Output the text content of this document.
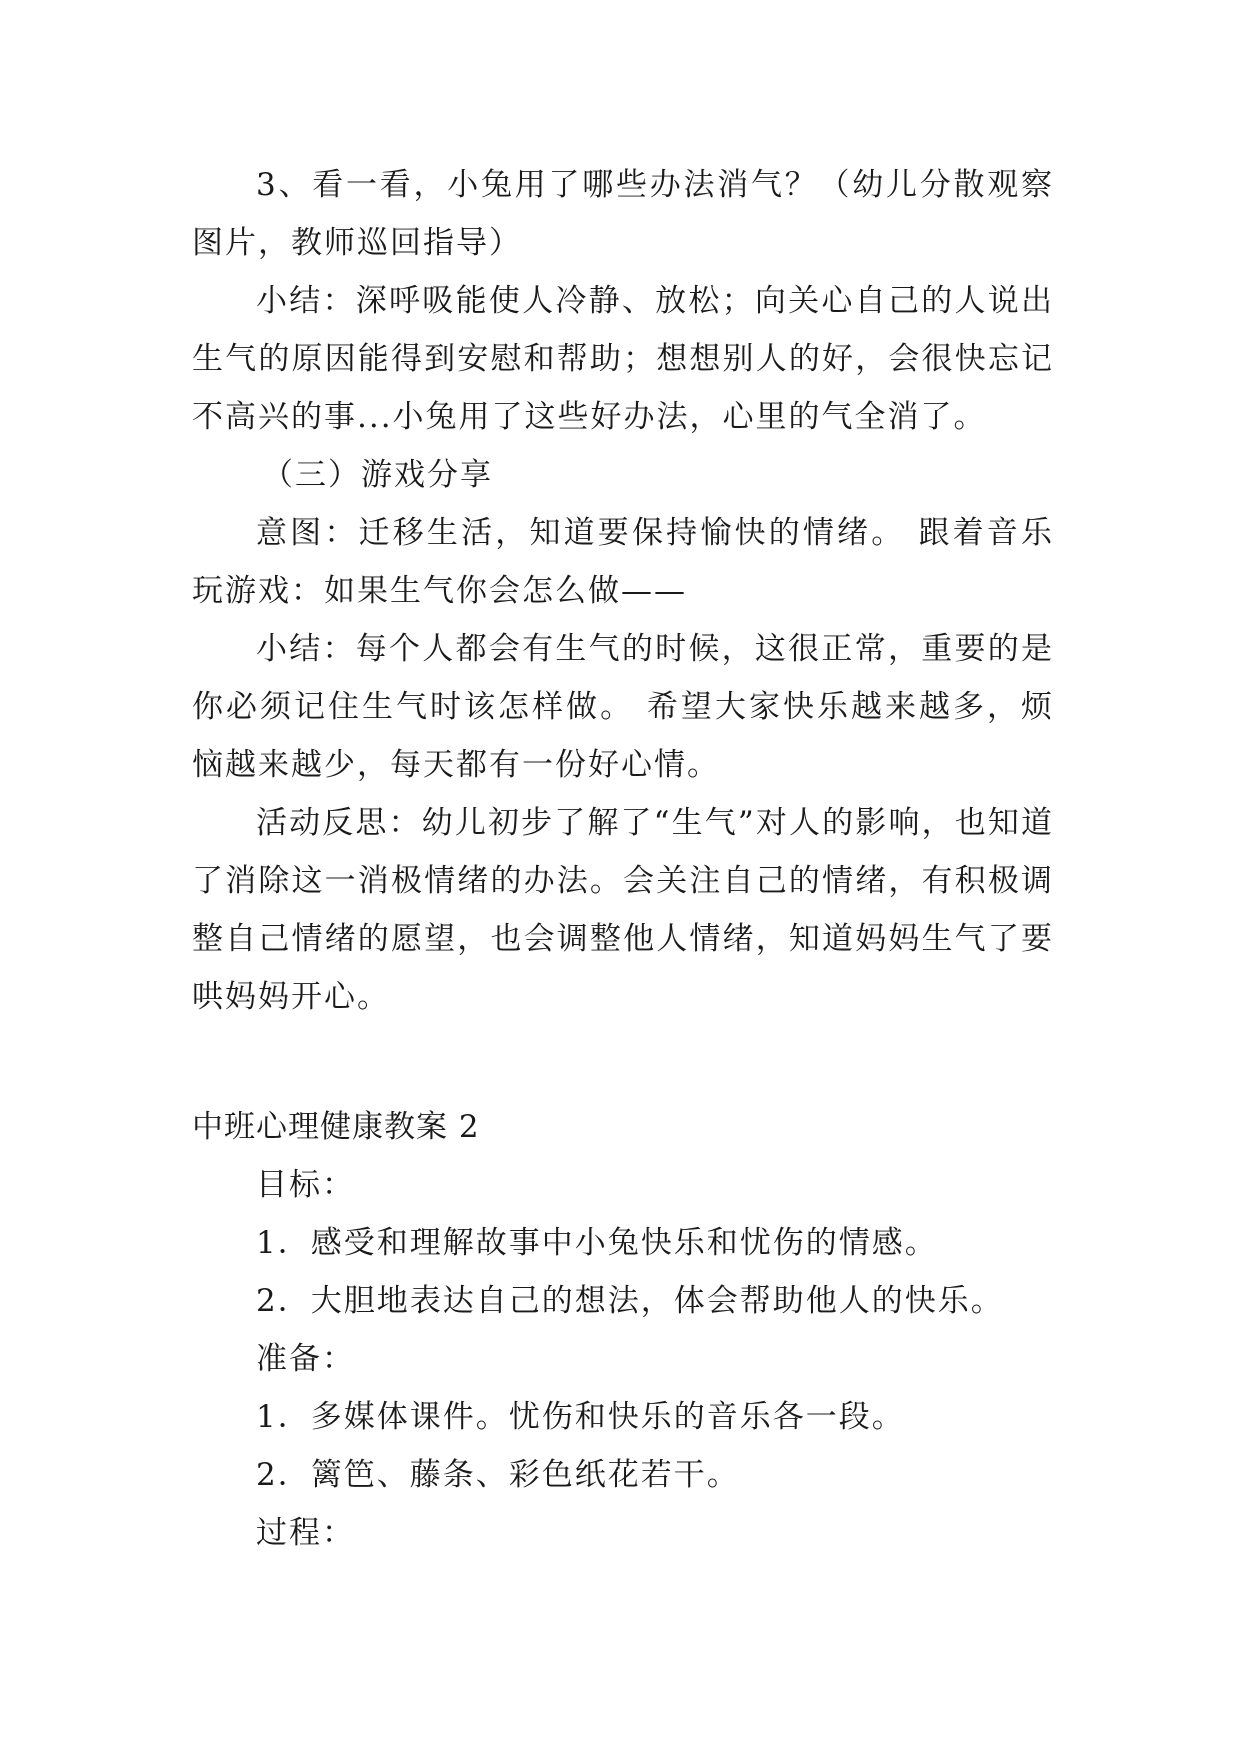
3、看一看，小兔用了哪些办法消气？（幼儿分散观察图片，教师巡回指导）

小结：深呼吸能使人冷静、放松；向关心自己的人说出生气的原因能得到安慰和帮助；想想别人的好，会很快忘记不高兴的事...小兔用了这些好办法，心里的气全消了。

（三）游戏分享

意图：迁移生活，知道要保持愉快的情绪。 跟着音乐玩游戏：如果生气你会怎么做——

小结：每个人都会有生气的时候，这很正常，重要的是你必须记住生气时该怎样做。 希望大家快乐越来越多，烦恼越来越少，每天都有一份好心情。

活动反思：幼儿初步了解了“生气”对人的影响，也知道了消除这一消极情绪的办法。会关注自己的情绪，有积极调整自己情绪的愿望，也会调整他人情绪，知道妈妈生气了要哄妈妈开心。

中班心理健康教案 2

目标：

1．感受和理解故事中小兔快乐和忧伤的情感。

2．大胆地表达自己的想法，体会帮助他人的快乐。

准备：

1．多媒体课件。忧伤和快乐的音乐各一段。

2．篱笆、藤条、彩色纸花若干。

过程：
